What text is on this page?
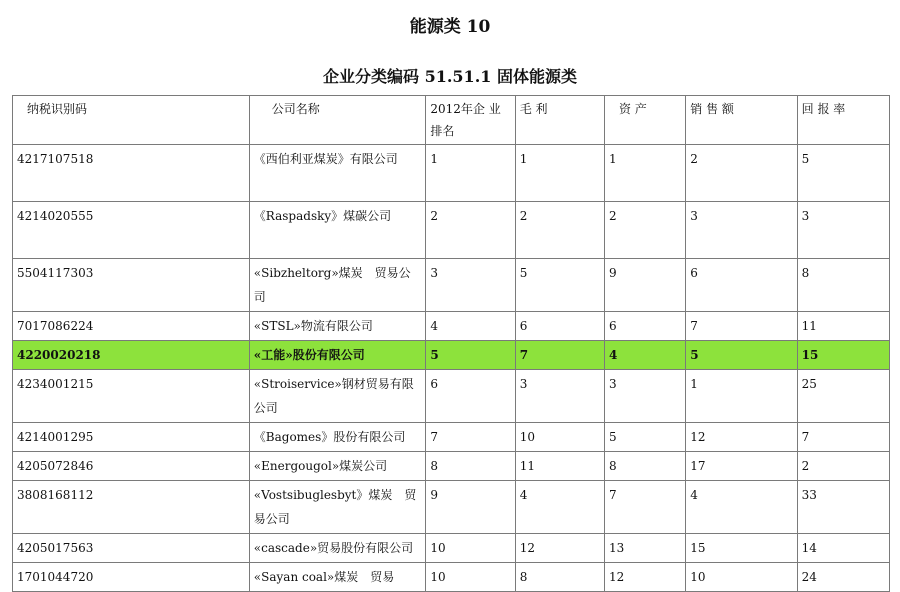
能源类 10
企业分类编码 51.51.1 固体能源类
纳税识别码	公司名称	2012年企 业 排名	毛 利	资 产	销 售 额	回 报 率
4217107518	《西伯利亚煤炭》有限公司	1	1	1	2	5
4214020555	《Raspadsky》煤碳公司	2	2	2	3	3
5504117303	«Sibzheltorg»煤炭　贸易公司	3	5	9	6	8
7017086224	«STSL»物流有限公司	4	6	6	7	11
4220020218	«工能»股份有限公司	5	7	4	5	15
4234001215	«Stroiservice»钢材贸易有限公司	6	3	3	1	25
4214001295	《Bagomes》股份有限公司	7	10	5	12	7
4205072846	«Energougol»煤炭公司	8	11	8	17	2
3808168112	«Vostsibuglesbyt》煤炭　贸易公司	9	4	7	4	33
4205017563	«cascade»贸易股份有限公司	10	12	13	15	14
1701044720	«Sayan coal»煤炭　贸易	10	8	12	10	24
